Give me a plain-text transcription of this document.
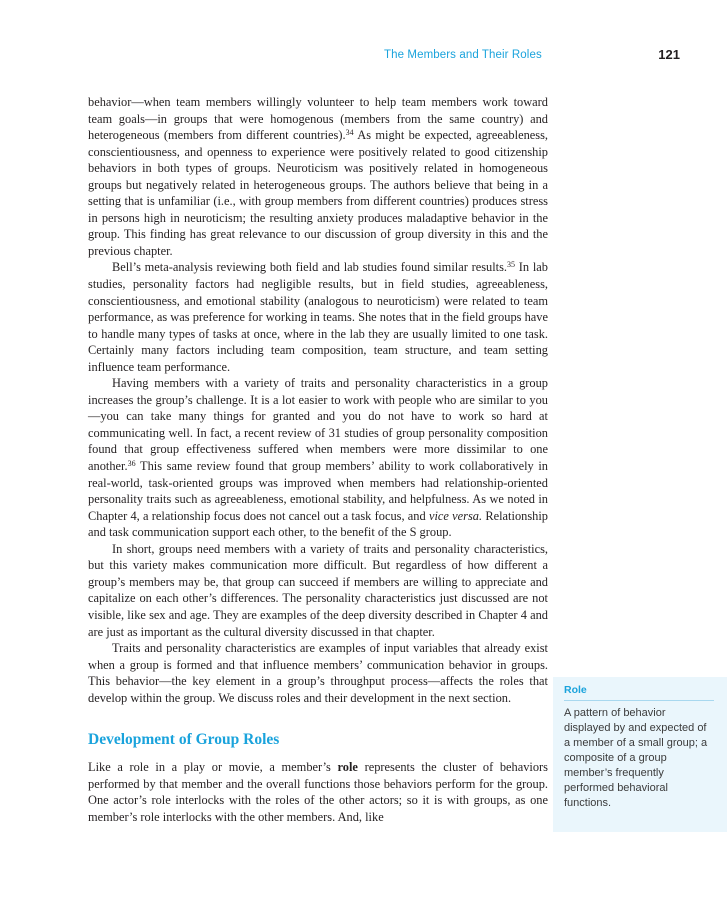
The Members and Their Roles	121

behavior—when team members willingly volunteer to help team members work toward team goals—in groups that were homogenous (members from the same country) and heterogeneous (members from different countries).$^{34}$ As might be expected, agreeableness, conscientiousness, and openness to experience were positively related to good citizenship behaviors in both types of groups. Neuroticism was positively related in homogeneous groups but negatively related in heterogeneous groups. The authors believe that being in a setting that is unfamiliar (i.e., with group members from different countries) produces stress in persons high in neuroticism; the resulting anxiety produces maladaptive behavior in the group. This finding has great relevance to our discussion of group diversity in this and the previous chapter.

Bell’s meta-analysis reviewing both field and lab studies found similar results.$^{35}$ In lab studies, personality factors had negligible results, but in field studies, agreeableness, conscientiousness, and emotional stability (analogous to neuroticism) were related to team performance, as was preference for working in teams. She notes that in the field groups have to handle many types of tasks at once, where in the lab they are usually limited to one task. Certainly many factors including team composition, team structure, and team setting influence team performance.

Having members with a variety of traits and personality characteristics in a group increases the group’s challenge. It is a lot easier to work with people who are similar to you—you can take many things for granted and you do not have to work so hard at communicating well. In fact, a recent review of 31 studies of group personality composition found that group effectiveness suffered when members were more dissimilar to one another.$^{36}$ This same review found that group members’ ability to work collaboratively in real-world, task-oriented groups was improved when members had relationship-oriented personality traits such as agreeableness, emotional stability, and helpfulness. As we noted in Chapter 4, a relationship focus does not cancel out a task focus, and vice versa. Relationship and task communication support each other, to the benefit of the S group.

In short, groups need members with a variety of traits and personality characteristics, but this variety makes communication more difficult. But regardless of how different a group’s members may be, that group can succeed if members are willing to appreciate and capitalize on each other’s differences. The personality characteristics just discussed are not visible, like sex and age. They are examples of the deep diversity described in Chapter 4 and are just as important as the cultural diversity discussed in that chapter.

Traits and personality characteristics are examples of input variables that already exist when a group is formed and that influence members’ communication behavior in groups. This behavior—the key element in a group’s throughput process—affects the roles that develop within the group. We discuss roles and their development in the next section.

Development of Group Roles

Like a role in a play or movie, a member’s role represents the cluster of behaviors performed by that member and the overall functions those behaviors perform for the group. One actor’s role interlocks with the roles of the other actors; so it is with groups, as one member’s role interlocks with the other members. And, like

Role
A pattern of behavior displayed by and expected of a member of a small group; a composite of a group member’s frequently performed behavioral functions.
